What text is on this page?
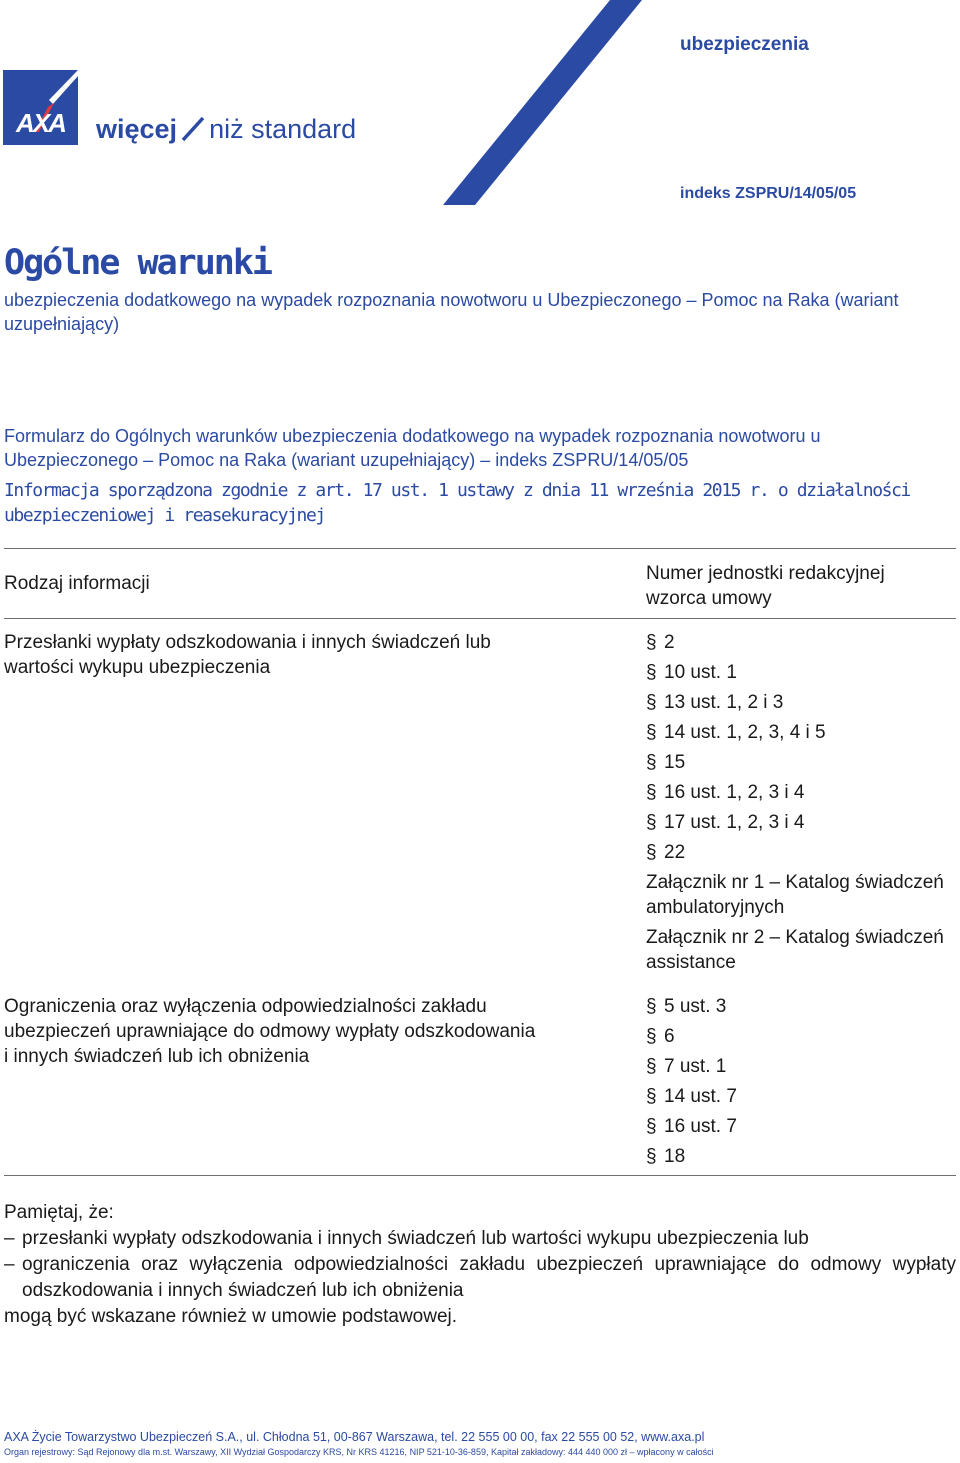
AXA więcej niż standard
ubezpieczenia
indeks ZSPRU/14/05/05
Ogólne warunki
ubezpieczenia dodatkowego na wypadek rozpoznania nowotworu u Ubezpieczonego – Pomoc na Raka (wariant uzupełniający)
Formularz do Ogólnych warunków ubezpieczenia dodatkowego na wypadek rozpoznania nowotworu u Ubezpieczonego – Pomoc na Raka (wariant uzupełniający) – indeks ZSPRU/14/05/05
Informacja sporządzona zgodnie z art. 17 ust. 1 ustawy z dnia 11 września 2015 r. o działalności ubezpieczeniowej i reasekuracyjnej
Rodzaj informacji	Numer jednostki redakcyjnej wzorca umowy
Przesłanki wypłaty odszkodowania i innych świadczeń lub wartości wykupu ubezpieczenia
§ 2
§ 10 ust. 1
§ 13 ust. 1, 2 i 3
§ 14 ust. 1, 2, 3, 4 i 5
§ 15
§ 16 ust. 1, 2, 3 i 4
§ 17 ust. 1, 2, 3 i 4
§ 22
Załącznik nr 1 – Katalog świadczeń ambulatoryjnych
Załącznik nr 2 – Katalog świadczeń assistance
Ograniczenia oraz wyłączenia odpowiedzialności zakładu ubezpieczeń uprawniające do odmowy wypłaty odszkodowania i innych świadczeń lub ich obniżenia
§ 5 ust. 3
§ 6
§ 7 ust. 1
§ 14 ust. 7
§ 16 ust. 7
§ 18
Pamiętaj, że:
– przesłanki wypłaty odszkodowania i innych świadczeń lub wartości wykupu ubezpieczenia lub
– ograniczenia oraz wyłączenia odpowiedzialności zakładu ubezpieczeń uprawniające do odmowy wypłaty odszkodowania i innych świadczeń lub ich obniżenia
mogą być wskazane również w umowie podstawowej.
AXA Życie Towarzystwo Ubezpieczeń S.A., ul. Chłodna 51, 00-867 Warszawa, tel. 22 555 00 00, fax 22 555 00 52, www.axa.pl
Organ rejestrowy: Sąd Rejonowy dla m.st. Warszawy, XII Wydział Gospodarczy KRS, Nr KRS 41216, NIP 521-10-36-859, Kapitał zakładowy: 444 440 000 zł – wpłacony w całości
